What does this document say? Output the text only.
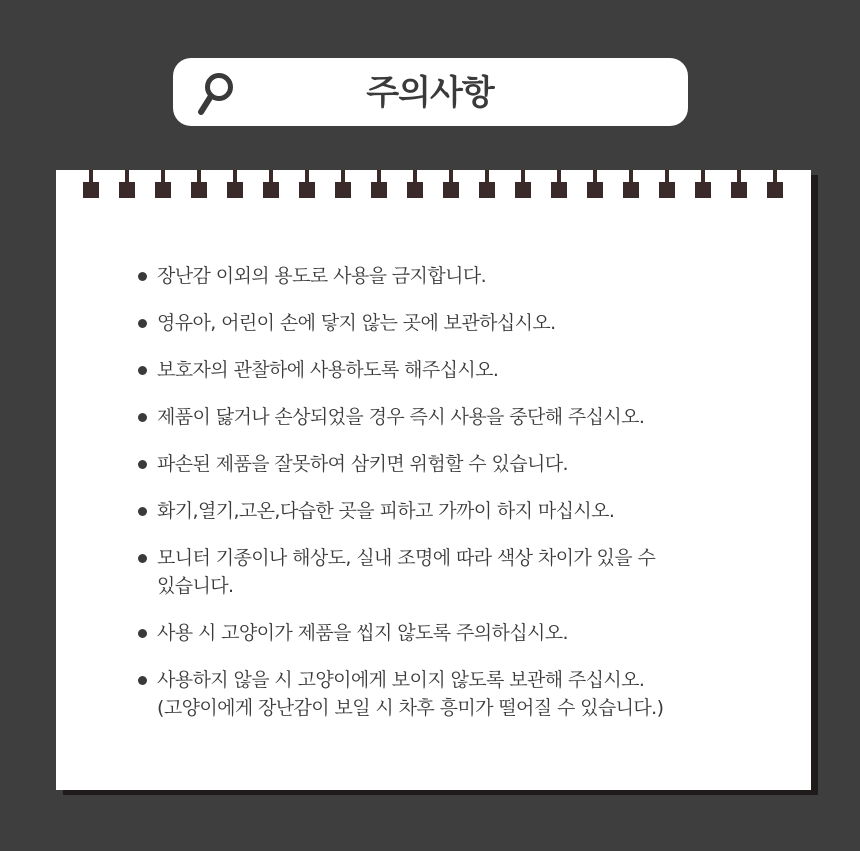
주의사항
장난감 이외의 용도로 사용을 금지합니다.
영유아, 어린이 손에 닿지 않는 곳에 보관하십시오.
보호자의 관찰하에 사용하도록 해주십시오.
제품이 닳거나 손상되었을 경우 즉시 사용을 중단해 주십시오.
파손된 제품을 잘못하여 삼키면 위험할 수 있습니다.
화기,열기,고온,다습한 곳을 피하고 가까이 하지 마십시오.
모니터 기종이나 해상도, 실내 조명에 따라 색상 차이가 있을 수
있습니다.
사용 시 고양이가 제품을 씹지 않도록 주의하십시오.
사용하지 않을 시 고양이에게 보이지 않도록 보관해 주십시오.
(고양이에게 장난감이 보일 시 차후 흥미가 떨어질 수 있습니다.)
